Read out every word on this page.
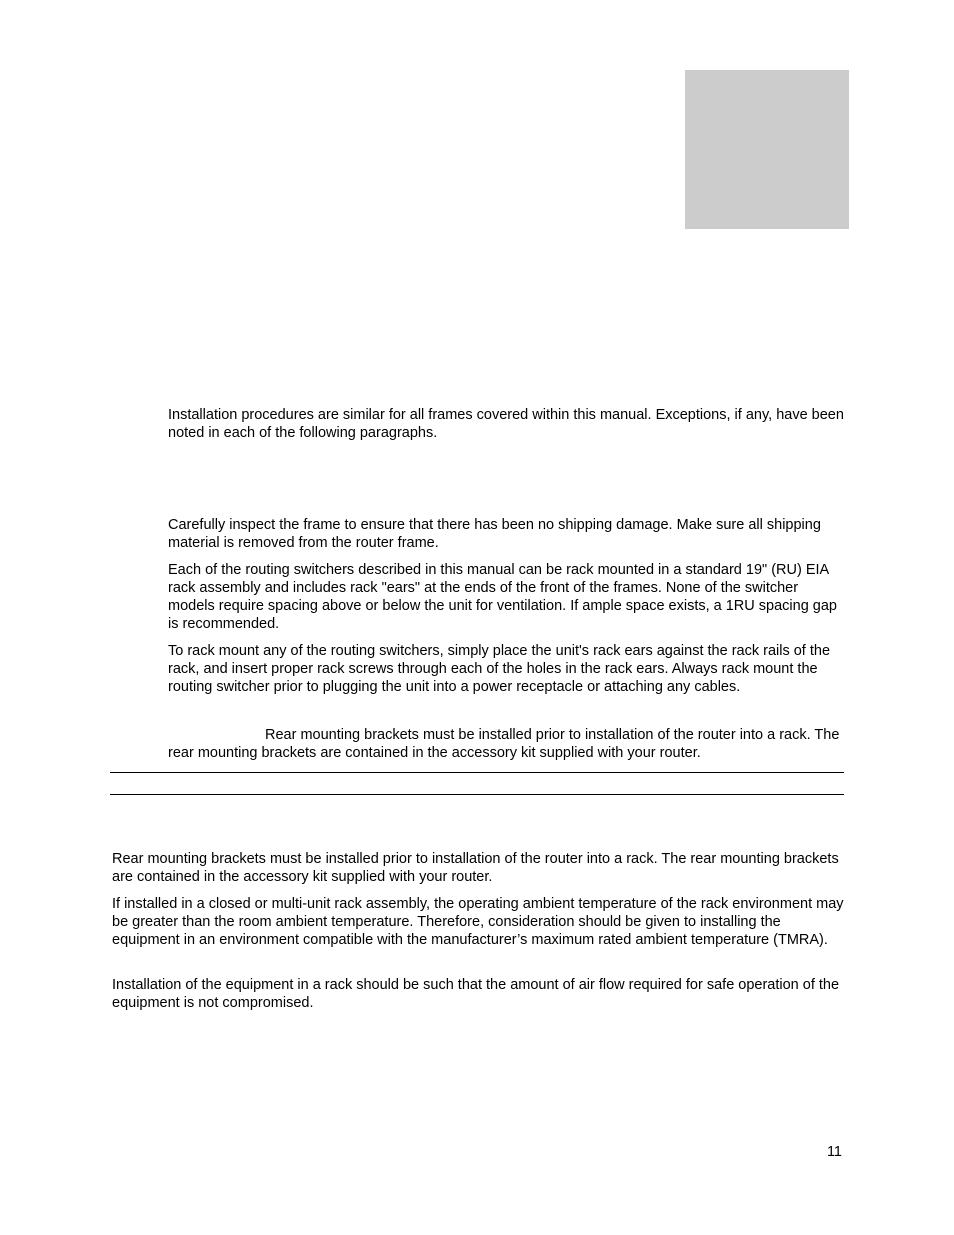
Installation procedures are similar for all frames covered within this manual. Exceptions, if any, have been noted in each of the following paragraphs.

Carefully inspect the frame to ensure that there has been no shipping damage. Make sure all shipping material is removed from the router frame.

Each of the routing switchers described in this manual can be rack mounted in a standard 19" (RU) EIA rack assembly and includes rack "ears" at the ends of the front of the frames. None of the switcher models require spacing above or below the unit for ventilation. If ample space exists, a 1RU spacing gap is recommended.

To rack mount any of the routing switchers, simply place the unit's rack ears against the rack rails of the rack, and insert proper rack screws through each of the holes in the rack ears. Always rack mount the routing switcher prior to plugging the unit into a power receptacle or attaching any cables.

Rear mounting brackets must be installed prior to installation of the router into a rack. The rear mounting brackets are contained in the accessory kit supplied with your router.

Rear mounting brackets must be installed prior to installation of the router into a rack. The rear mounting brackets are contained in the accessory kit supplied with your router.

If installed in a closed or multi-unit rack assembly, the operating ambient temperature of the rack environment may be greater than the room ambient temperature. Therefore, consideration should be given to installing the equipment in an environment compatible with the manufacturer’s maximum rated ambient temperature (TMRA).

Installation of the equipment in a rack should be such that the amount of air flow required for safe operation of the equipment is not compromised.

11
